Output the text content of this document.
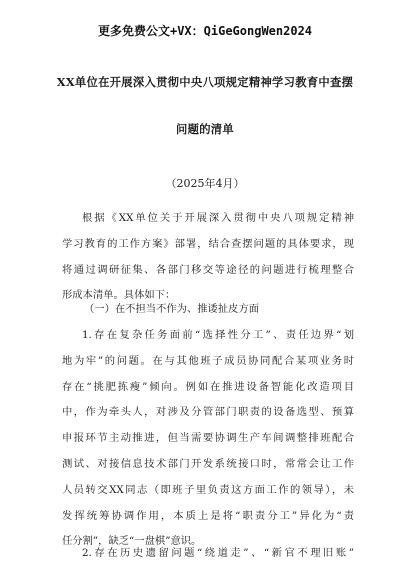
更多免费公文+VX：QiGeGongWen2024
XX单位在开展深入贯彻中央八项规定精神学习教育中查摆
问题的清单
（2025年4月）
根据《XX单位关于开展深入贯彻中央八项规定精神
学习教育的工作方案》部署，结合查摆问题的具体要求，现
将通过调研征集、各部门移交等途径的问题进行梳理整合
形成本清单。具体如下：
（一）在不担当不作为、推诿扯皮方面
1.存在复杂任务面前“选择性分工”、责任边界“划
地为牢”的问题。在与其他班子成员协同配合某项业务时
存在“挑肥拣瘦”倾向。例如在推进设备智能化改造项目
中，作为牵头人，对涉及分管部门职责的设备选型、预算
申报环节主动推进，但当需要协调生产车间调整排班配合
测试、对接信息技术部门开发系统接口时，常常会让工作
人员转交XX同志（即班子里负责这方面工作的领导），未
发挥统筹协调作用，本质上是将“职责分工”异化为“责
任分割”，缺乏“一盘棋”意识。
2.存在历史遗留问题“绕道走”、“新官不理旧账”
